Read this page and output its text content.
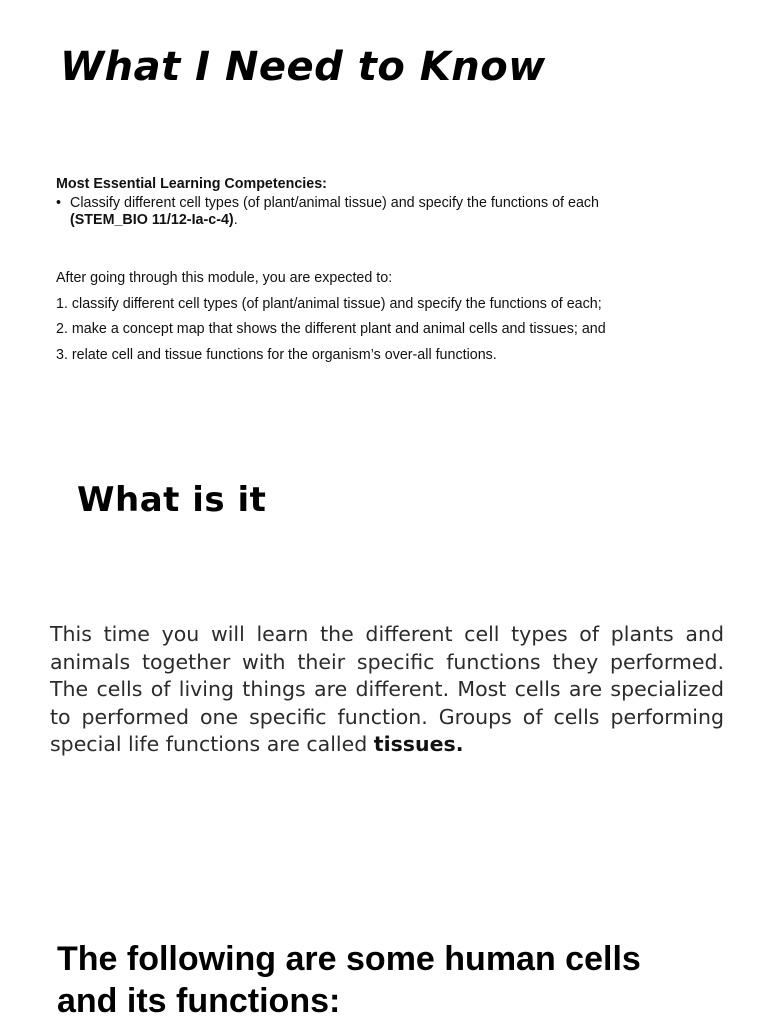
What I Need to Know

Most Essential Learning Competencies:

• Classify different cell types (of plant/animal tissue) and specify the functions of each
(STEM_BIO 11/12-Ia-c-4).

After going through this module, you are expected to:

1. classify different cell types (of plant/animal tissue) and specify the functions of each;

2. make a concept map that shows the different plant and animal cells and tissues; and

3. relate cell and tissue functions for the organism’s over-all functions.

What is it

This time you will learn the different cell types of plants and animals together with their specific functions they performed. The cells of living things are different. Most cells are specialized to performed one specific function. Groups of cells performing special life functions are called tissues.

The following are some human cells and its functions:
